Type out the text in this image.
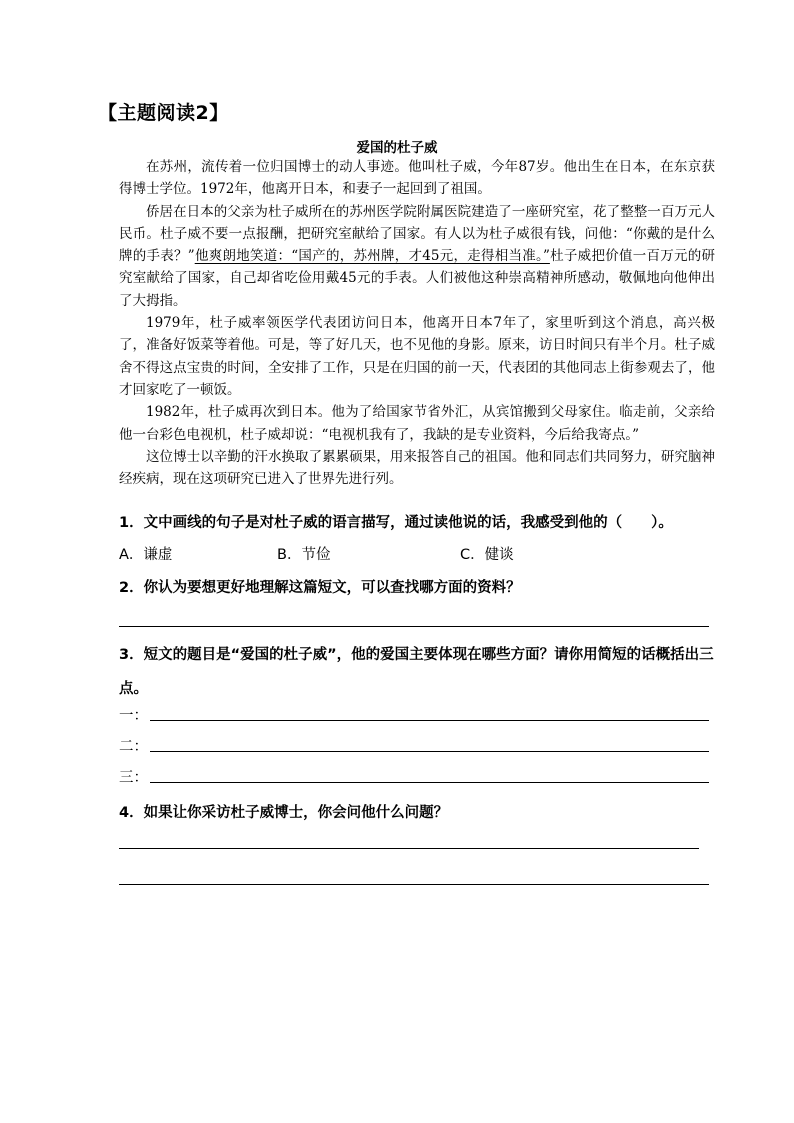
【主题阅读2】
爱国的杜子威

在苏州，流传着一位归国博士的动人事迹。他叫杜子威，今年87岁。他出生在日本，在东京获得博士学位。1972年，他离开日本，和妻子一起回到了祖国。

侨居在日本的父亲为杜子威所在的苏州医学院附属医院建造了一座研究室，花了整整一百万元人民币。杜子威不要一点报酬，把研究室献给了国家。有人以为杜子威很有钱，问他：“你戴的是什么牌的手表？”他爽朗地笑道：“国产的，苏州牌，才45元，走得相当准。”杜子威把价值一百万元的研究室献给了国家，自己却省吃俭用戴45元的手表。人们被他这种崇高精神所感动，敬佩地向他伸出了大拇指。

1979年，杜子威率领医学代表团访问日本，他离开日本7年了，家里听到这个消息，高兴极了，准备好饭菜等着他。可是，等了好几天，也不见他的身影。原来，访日时间只有半个月。杜子威舍不得这点宝贵的时间，全安排了工作，只是在归国的前一天，代表团的其他同志上街参观去了，他才回家吃了一顿饭。

1982年，杜子威再次到日本。他为了给国家节省外汇，从宾馆搬到父母家住。临走前，父亲给他一台彩色电视机，杜子威却说：“电视机我有了，我缺的是专业资料，今后给我寄点。”

这位博士以辛勤的汗水换取了累累硕果，用来报答自己的祖国。他和同志们共同努力，研究脑神经疾病，现在这项研究已进入了世界先进行列。

1．文中画线的句子是对杜子威的语言描写，通过读他说的话，我感受到他的（　　）。
A．谦虚	B．节俭	C．健谈
2．你认为要想更好地理解这篇短文，可以查找哪方面的资料？
3．短文的题目是“爱国的杜子威”，他的爱国主要体现在哪些方面？请你用简短的话概括出三点。
一：
二：
三：
4．如果让你采访杜子威博士，你会问他什么问题？
